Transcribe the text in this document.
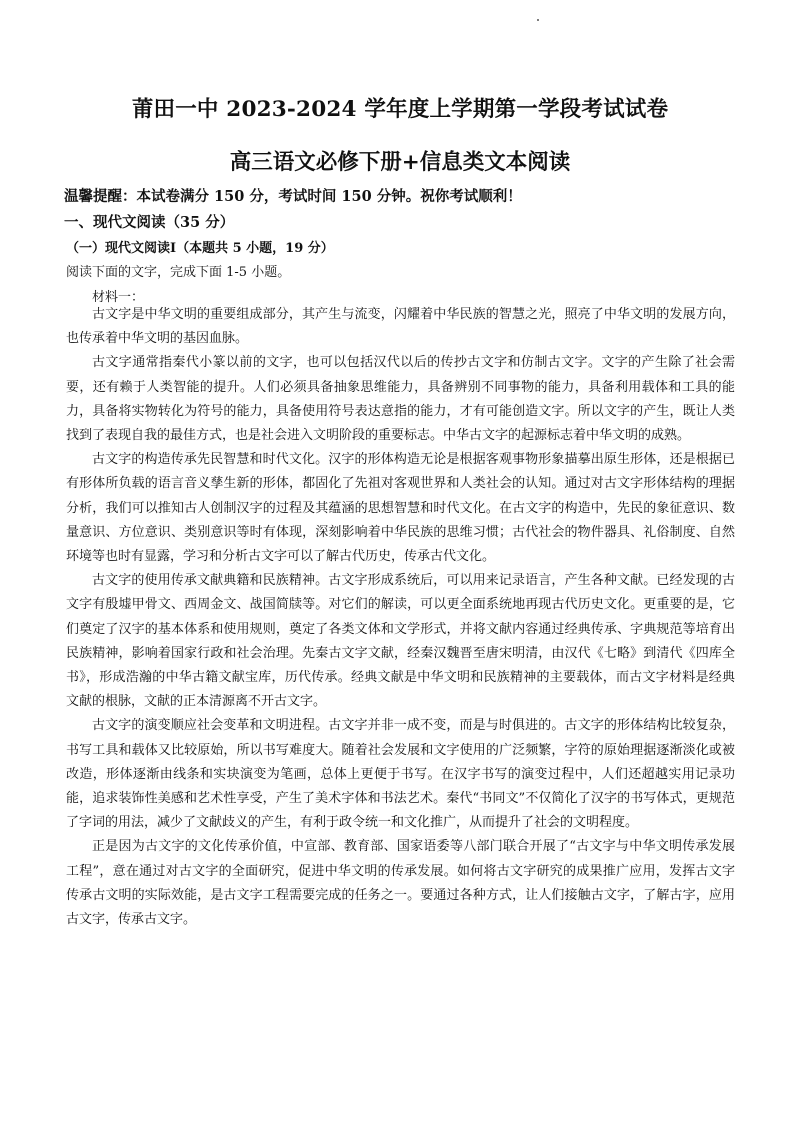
莆田一中 2023-2024 学年度上学期第一学段考试试卷
高三语文必修下册+信息类文本阅读
温馨提醒：本试卷满分 150 分，考试时间 150 分钟。祝你考试顺利！
一、现代文阅读（35 分）
（一）现代文阅读Ⅰ（本题共 5 小题，19 分）
阅读下面的文字，完成下面 1-5 小题。
材料一：

古文字是中华文明的重要组成部分，其产生与流变，闪耀着中华民族的智慧之光，照亮了中华文明的发展方向，也传承着中华文明的基因血脉。

古文字通常指秦代小篆以前的文字，也可以包括汉代以后的传抄古文字和仿制古文字。文字的产生除了社会需要，还有赖于人类智能的提升。人们必须具备抽象思维能力，具备辨别不同事物的能力，具备利用载体和工具的能力，具备将实物转化为符号的能力，具备使用符号表达意指的能力，才有可能创造文字。所以文字的产生，既让人类找到了表现自我的最佳方式，也是社会进入文明阶段的重要标志。中华古文字的起源标志着中华文明的成熟。

古文字的构造传承先民智慧和时代文化。汉字的形体构造无论是根据客观事物形象描摹出原生形体，还是根据已有形体所负载的语言音义孳生新的形体，都固化了先祖对客观世界和人类社会的认知。通过对古文字形体结构的理据分析，我们可以推知古人创制汉字的过程及其蕴涵的思想智慧和时代文化。在古文字的构造中，先民的象征意识、数量意识、方位意识、类别意识等时有体现，深刻影响着中华民族的思维习惯；古代社会的物件器具、礼俗制度、自然环境等也时有显露，学习和分析古文字可以了解古代历史，传承古代文化。

古文字的使用传承文献典籍和民族精神。古文字形成系统后，可以用来记录语言，产生各种文献。已经发现的古文字有殷墟甲骨文、西周金文、战国简牍等。对它们的解读，可以更全面系统地再现古代历史文化。更重要的是，它们奠定了汉字的基本体系和使用规则，奠定了各类文体和文学形式，并将文献内容通过经典传承、字典规范等培育出民族精神，影响着国家行政和社会治理。先秦古文字文献，经秦汉魏晋至唐宋明清，由汉代《七略》到清代《四库全书》，形成浩瀚的中华古籍文献宝库，历代传承。经典文献是中华文明和民族精神的主要载体，而古文字材料是经典文献的根脉，文献的正本清源离不开古文字。

古文字的演变顺应社会变革和文明进程。古文字并非一成不变，而是与时俱进的。古文字的形体结构比较复杂，书写工具和载体又比较原始，所以书写难度大。随着社会发展和文字使用的广泛频繁，字符的原始理据逐渐淡化或被改造，形体逐渐由线条和实块演变为笔画，总体上更便于书写。在汉字书写的演变过程中，人们还超越实用记录功能，追求装饰性美感和艺术性享受，产生了美术字体和书法艺术。秦代“书同文”不仅简化了汉字的书写体式，更规范了字词的用法，减少了文献歧义的产生，有利于政令统一和文化推广，从而提升了社会的文明程度。

正是因为古文字的文化传承价值，中宣部、教育部、国家语委等八部门联合开展了“古文字与中华文明传承发展工程”，意在通过对古文字的全面研究，促进中华文明的传承发展。如何将古文字研究的成果推广应用，发挥古文字传承古文明的实际效能，是古文字工程需要完成的任务之一。要通过各种方式，让人们接触古文字，了解古字，应用古文字，传承古文字。
